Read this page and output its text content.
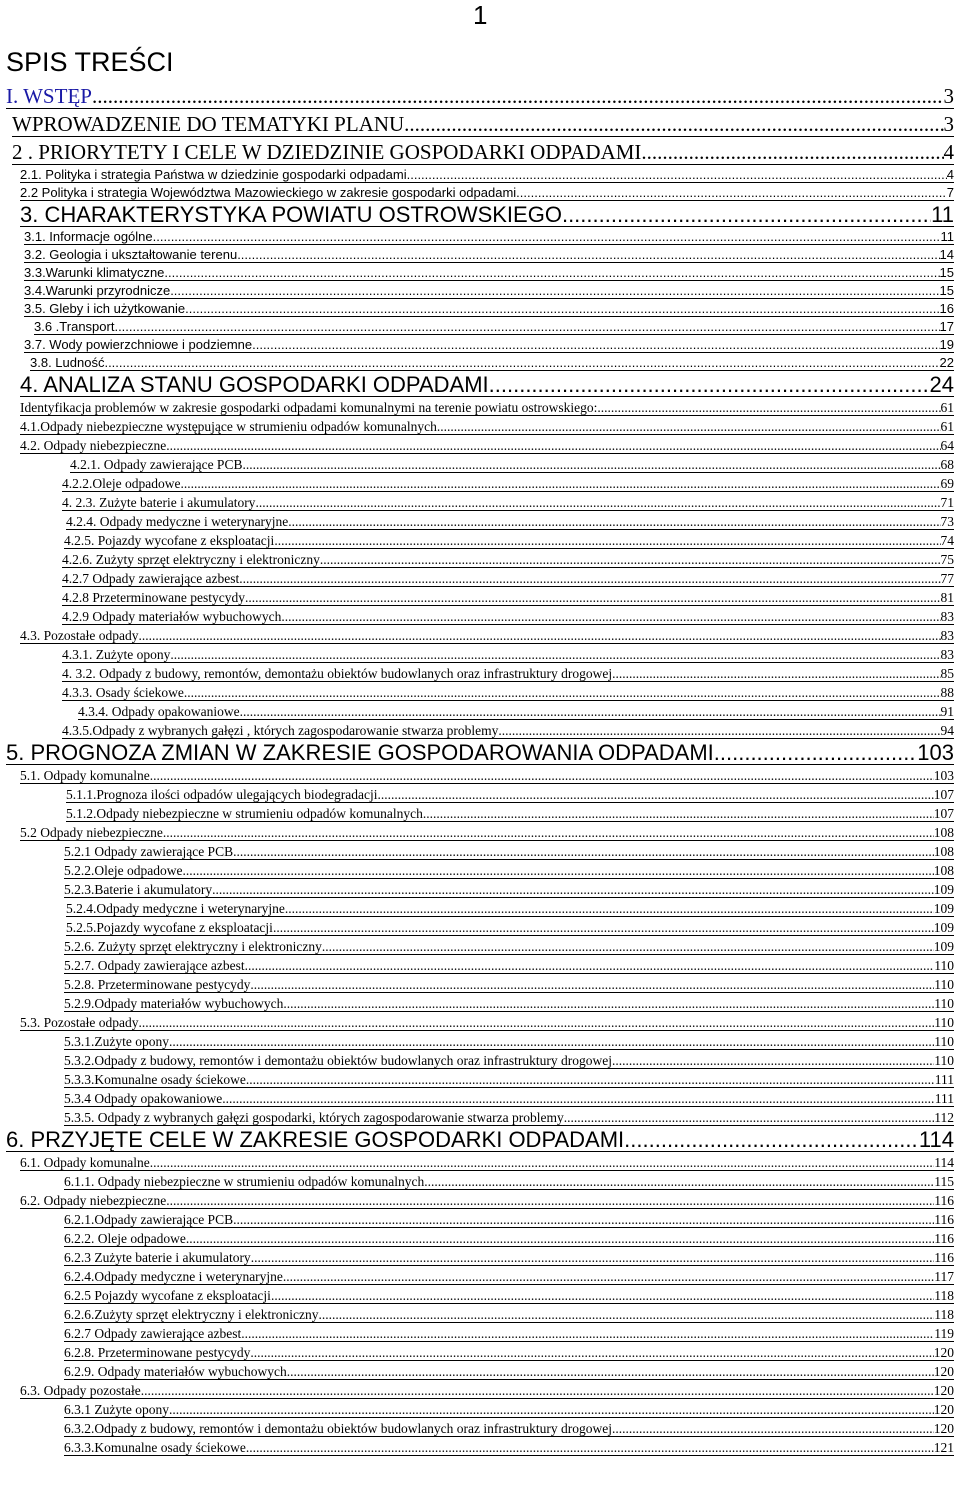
1
SPIS TREŚCI
I. WSTĘP .....	3
WPROWADZENIE DO TEMATYKI PLANU .....	3
2 . PRIORYTETY I CELE W DZIEDZINIE GOSPODARKI ODPADAMI .....	4
2.1. Polityka i strategia Państwa w dziedzinie gospodarki odpadami .....	4
2.2 Polityka i strategia Województwa Mazowieckiego w zakresie gospodarki odpadami .....	7
3. CHARAKTERYSTYKA POWIATU OSTROWSKIEGO .....	11
3.1. Informacje ogólne .....	11
3.2. Geologia i ukształtowanie terenu .....	14
3.3.Warunki klimatyczne .....	15
3.4.Warunki przyrodnicze .....	15
3.5. Gleby i ich użytkowanie .....	16
3.6 .Transport .....	17
3.7. Wody powierzchniowe i podziemne .....	19
3.8. Ludność .....	22
4. ANALIZA STANU GOSPODARKI ODPADAMI .....	24
Identyfikacja problemów w zakresie gospodarki odpadami komunalnymi na terenie powiatu ostrowskiego: .....	61
4.1.Odpady niebezpieczne występujące w strumieniu odpadów komunalnych .....	61
4.2. Odpady niebezpieczne .....	64
4.2.1. Odpady zawierające PCB .....	68
4.2.2.Oleje odpadowe .....	69
4. 2.3. Zużyte baterie i akumulatory .....	71
4.2.4. Odpady medyczne i weterynaryjne .....	73
4.2.5. Pojazdy wycofane z eksploatacji .....	74
4.2.6. Zużyty sprzęt elektryczny i elektroniczny .....	75
4.2.7 Odpady zawierające azbest .....	77
4.2.8 Przeterminowane pestycydy .....	81
4.2.9 Odpady materiałów wybuchowych .....	83
4.3. Pozostałe odpady .....	83
4.3.1. Zużyte opony .....	83
4. 3.2. Odpady z budowy, remontów, demontażu obiektów budowlanych oraz infrastruktury drogowej .....	85
4.3.3. Osady ściekowe .....	88
4.3.4. Odpady opakowaniowe .....	91
4.3.5.Odpady z wybranych gałęzi , których zagospodarowanie stwarza problemy .....	94
5. PROGNOZA ZMIAN W ZAKRESIE GOSPODAROWANIA ODPADAMI .....	103
5.1. Odpady komunalne .....	103
5.1.1.Prognoza ilości odpadów ulegających biodegradacji .....	107
5.1.2.Odpady niebezpieczne w strumieniu odpadów komunalnych .....	107
5.2 Odpady niebezpieczne .....	108
5.2.1 Odpady zawierające PCB .....	108
5.2.2.Oleje odpadowe .....	108
5.2.3.Baterie i akumulatory .....	109
5.2.4.Odpady medyczne i weterynaryjne .....	109
5.2.5.Pojazdy wycofane z eksploatacji .....	109
5.2.6. Zużyty sprzęt elektryczny i elektroniczny .....	109
5.2.7. Odpady zawierające azbest .....	110
5.2.8. Przeterminowane pestycydy .....	110
5.2.9.Odpady materiałów wybuchowych .....	110
5.3. Pozostałe odpady .....	110
5.3.1.Zużyte opony .....	110
5.3.2.Odpady z budowy, remontów i demontażu obiektów budowlanych oraz infrastruktury drogowej .....	110
5.3.3.Komunalne osady ściekowe .....	111
5.3.4 Odpady opakowaniowe .....	111
5.3.5. Odpady z wybranych gałęzi gospodarki, których zagospodarowanie stwarza problemy .....	112
6. PRZYJĘTE CELE W ZAKRESIE GOSPODARKI ODPADAMI .....	114
6.1. Odpady komunalne .....	114
6.1.1. Odpady niebezpieczne w strumieniu odpadów komunalnych .....	115
6.2. Odpady niebezpieczne .....	116
6.2.1.Odpady zawierające PCB .....	116
6.2.2. Oleje odpadowe .....	116
6.2.3 Zużyte baterie i akumulatory .....	116
6.2.4.Odpady medyczne i weterynaryjne .....	117
6.2.5 Pojazdy wycofane z eksploatacji .....	118
6.2.6.Zużyty sprzęt elektryczny i elektroniczny .....	118
6.2.7 Odpady zawierające azbest .....	119
6.2.8. Przeterminowane pestycydy .....	120
6.2.9. Odpady materiałów wybuchowych .....	120
6.3. Odpady pozostałe .....	120
6.3.1 Zużyte opony .....	120
6.3.2.Odpady z budowy, remontów i demontażu obiektów budowlanych oraz infrastruktury drogowej .....	120
6.3.3.Komunalne osady ściekowe .....	121
